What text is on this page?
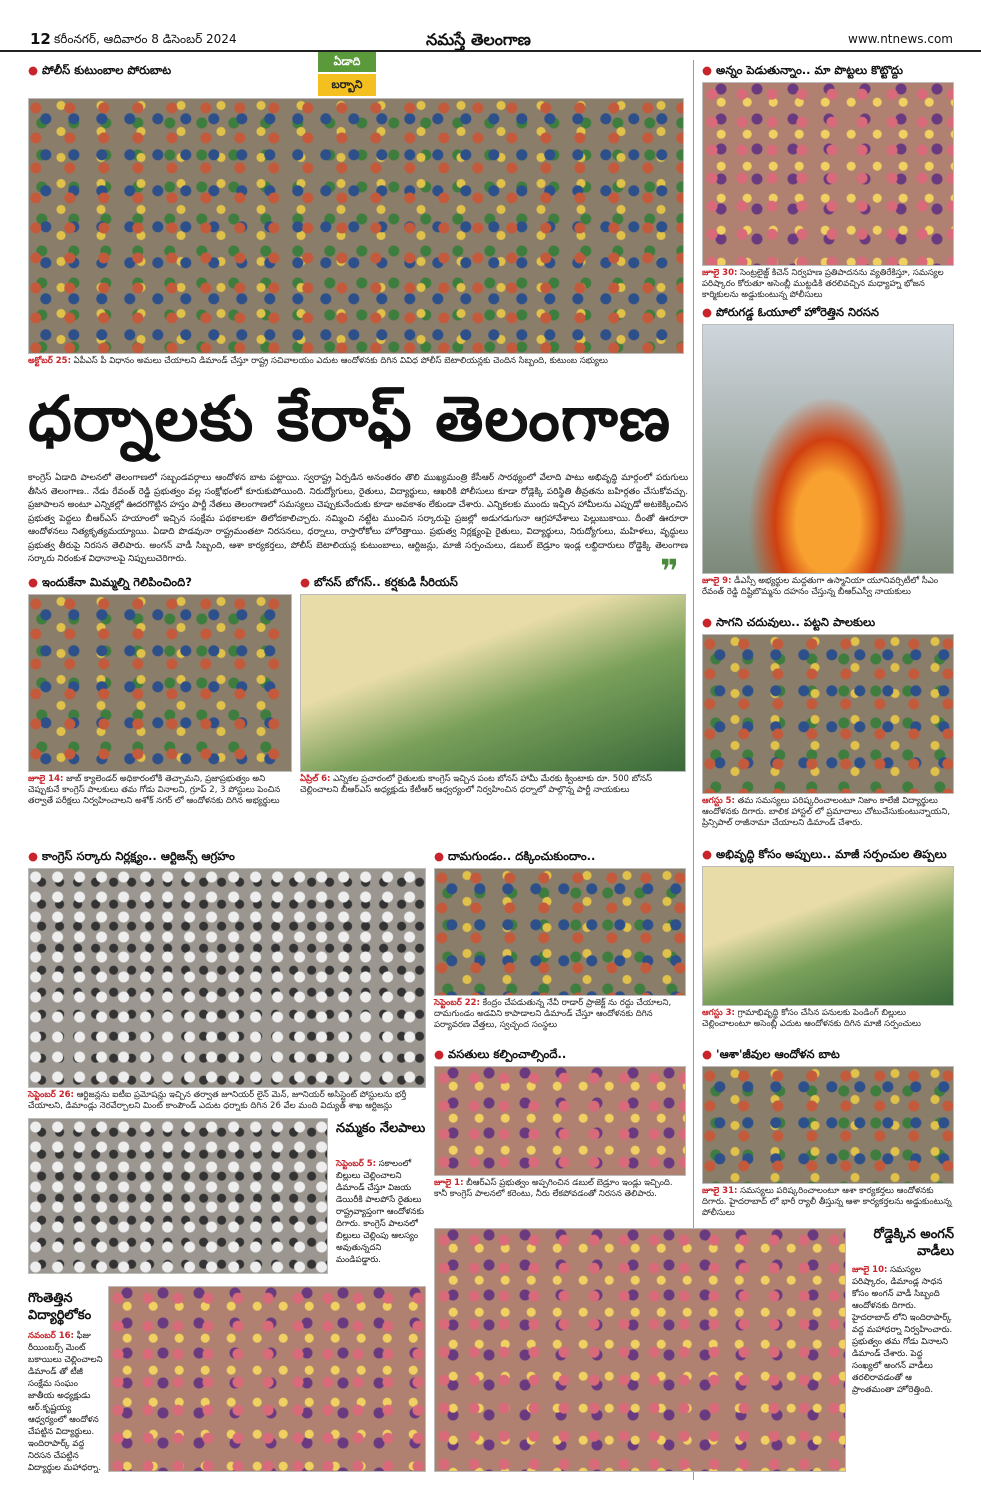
12 కరీంనగర్, ఆదివారం 8 డిసెంబర్ 2024	నమస్తే తెలంగాణ	www.ntnews.com
ఏడాది
బర్బాని
● పోలీస్ కుటుంబాల పోరుబాట
అక్టోబర్ 25: ఏపీఎస్ పీ విధానం అమలు చేయాలని డిమాండ్ చేస్తూ రాష్ట్ర సచివాలయం ఎదుట ఆందోళనకు దిగిన వివిధ పోలీస్ బెటాలియన్లకు చెందిన సిబ్బంది, కుటుంబ సభ్యులు
ధర్నాలకు కేరాఫ్ తెలంగాణ
కాంగ్రెస్ ఏడాది పాలనలో తెలంగాణలో సబ్బండవర్గాలు ఆందోళన బాట పట్టాయి. స్వరాష్ట్ర ఏర్పడిన అనంతరం తొలి ముఖ్యమంత్రి కేసీఆర్ సారథ్యంలో వేలాది పాటు అభివృద్ధి మార్గంలో పరుగులు తీసిన తెలంగాణ.. నేడు రేవంత్ రెడ్డి ప్రభుత్వం వల్ల సంక్షోభంలో కూరుకుపోయింది. నిరుద్యోగులు, రైతులు, విద్యార్థులు, ఆఖరికి పోలీసులు కూడా రోడ్లెక్కి పరిస్థితి తీవ్రతను బహిర్గతం చేసుకోవచ్చు. ప్రజాపాలన అంటూ ఎన్నికల్లో ఊదరగొట్టిన హస్తం పార్టీ నేతలు తెలంగాణలో సమస్యలు చెప్పుకునేందుకు కూడా అవకాశం లేకుండా చేశారు. ఎన్నికలకు ముందు ఇచ్చిన హామీలను ఎప్పుడో అటకెక్కించిన ప్రభుత్వ పెద్దలు బీఆర్ఎస్ హయాంలో ఇచ్చిన సంక్షేమ పథకాలకూ తిలోదకాలిచ్చారు. నమ్మించి నట్టేట ముంచిన సర్కారుపై ప్రజల్లో అడుగడుగునా ఆగ్రహావేశాలు పెల్లుబుకాయి. దీంతో ఊరూరా ఆందోళనలు నిత్యకృత్యమయ్యాయి. ఏడాది పొడవునా రాష్ట్రమంతటా నిరసనలు, ధర్నాలు, రాస్తారోకోలు హోరెత్తాయి. ప్రభుత్వ నిర్లక్ష్యంపై రైతులు, విద్యార్థులు, నిరుద్యోగులు, మహిళలు, వృద్ధులు ప్రభుత్వ తీరుపై నిరసన తెలిపారు. అంగన్ వాడీ సిబ్బంది, ఆశా కార్యకర్తలు, పోలీస్ బెటాలియన్ల కుటుంబాలు, ఆర్టిజన్లు, మాజీ సర్పంచులు, డబుల్ బెడ్రూం ఇండ్ల లబ్దిదారులు రోడ్డెక్కి తెలంగాణ సర్కారు నిరంకుశ విధానాలపై నిప్పులుచెరిగారు.	❞
● ఇందుకేనా మిమ్మల్ని గెలిపించింది?
జూలై 14: జాబ్ క్యాలెండర్ అధికారంలోకి తెచ్చామని, ప్రజాప్రభుత్వం అని చెప్పుకునే కాంగ్రెస్ పాలకులు తమ గోడు వినాలని, గ్రూప్ 2, 3 పోస్టులు పెంచిన తర్వాతే పరీక్షలు నిర్వహించాలని అశోక్ నగర్ లో ఆందోళనకు దిగిన అభ్యర్థులు
● బోనస్ బోగస్.. కర్షకుడి సీరియస్
ఏప్రిల్ 6: ఎన్నికల ప్రచారంలో రైతులకు కాంగ్రెస్ ఇచ్చిన పంట బోనస్ హామీ మేరకు క్వింటాకు రూ. 500 బోనస్ చెల్లించాలని బీఆర్ఎస్ అధ్యక్షుడు కేటీఆర్ ఆధ్వర్యంలో నిర్వహించిన ధర్నాలో పాల్గొన్న పార్టీ నాయకులు
● కాంగ్రెస్ సర్కారు నిర్లక్ష్యం.. ఆర్టిజన్స్ ఆగ్రహం
సెప్టెంబర్ 26: ఆర్టిజన్లను ఐటీఐ ప్రమోషన్లు ఇచ్చిన తర్వాత జూనియర్ లైన్ మెన్, జూనియర్ అసిస్టెంట్ పోస్టులను భర్తీ చేయాలని, డిమాండ్లు నెరవేర్చాలని మింట్ కాంపౌండ్ ఎదుట ధర్నాకు దిగిన 26 వేల మంది విద్యుత్ శాఖ ఆర్టిజన్లు
● దామగుండం.. దక్కించుకుందాం..
సెప్టెంబర్ 22: కేంద్రం చేపడుతున్న నేవీ రాడార్ ప్రాజెక్ట్ ను రద్దు చేయాలని, దామగుండం అడవిని కాపాడాలని డిమాండ్ చేస్తూ ఆందోళనకు దిగిన పర్యావరణ వేత్తలు, స్వచ్ఛంద సంస్థలు
● వసతులు కల్పించాల్సిందే..
జూలై 1: బీఆర్ఎస్ ప్రభుత్వం అప్పగించిన డబుల్ బెడ్రూం ఇండ్లు ఇచ్చింది. కానీ కాంగ్రెస్ పాలనలో కరెంటు, నీరు లేకపోవడంతో నిరసన తెలిపారు.
నమ్మకం నేలపాలు
సెప్టెంబర్ 5: సకాలంలో బిల్లులు చెల్లించాలని డిమాండ్ చేస్తూ విజయ డెయిరీకి పాలపోసే రైతులు రాష్ట్రవ్యాప్తంగా ఆందోళనకు దిగారు. కాంగ్రెస్ పాలనలో బిల్లులు చెల్లింపు ఆలస్యం అవుతున్నదని మండిపడ్డారు.
గొంతెత్తిన విద్యార్థిలోకం
నవంబర్ 16: ఫీజు రీయింబర్స్ మెంట్ బకాయిలు చెల్లించాలని డిమాండ్ తో టీజీ సంక్షేమ సంఘం జాతీయ అధ్యక్షుడు ఆర్.కృష్ణయ్య ఆధ్వర్యంలో ఆందోళన చేపట్టిన విద్యార్థులు. ఇందిరాపార్క్ వద్ద నిరసన చేపట్టిన విద్యార్థుల మహాధర్నా.
రోడ్డెక్కిన అంగన్ వాడీలు
జూలై 10: సమస్యల పరిష్కారం, డిమాండ్ల సాధన కోసం అంగన్ వాడీ సిబ్బంది ఆందోళనకు దిగారు. హైదరాబాద్ లోని ఇందిరాపార్క్ వద్ద మహాధర్నా నిర్వహించారు. ప్రభుత్వం తమ గోడు వినాలని డిమాండ్ చేశారు. పెద్ద సంఖ్యలో అంగన్ వాడీలు తరలిరావడంతో ఆ ప్రాంతమంతా హోరెత్తింది.
● అన్నం పెడుతున్నాం.. మా పొట్టలు కొట్టొద్దు
జూలై 30: సెంట్రలైజ్డ్ కిచెన్ నిర్వహణ ప్రతిపాదనను వ్యతిరేకిస్తూ, సమస్యల పరిష్కారం కోరుతూ అసెంబ్లీ ముట్టడికి తరలివచ్చిన మధ్యాహ్న భోజన కార్మికులను అడ్డుకుంటున్న పోలీసులు
● పోరుగడ్డ ఓయూలో హోరెత్తిన నిరసన
జూలై 9: డీఎస్సీ అభ్యర్థుల మద్దతుగా ఉస్మానియా యూనివర్సిటీలో సీఎం రేవంత్ రెడ్డి దిష్టిబొమ్మను దహనం చేస్తున్న బీఆర్ఎస్వీ నాయకులు
● సాగని చదువులు.. పట్టని పాలకులు
ఆగస్టు 5: తమ సమస్యలు పరిష్కరించాలంటూ నిజాం కాలేజీ విద్యార్థులు ఆందోళనకు దిగారు. బాలిక హాస్టల్ లో ప్రమాదాలు చోటుచేసుకుంటున్నాయని, ప్రిన్సిపాల్ రాజీనామా చేయాలని డిమాండ్ చేశారు.
● అభివృద్ధి కోసం అప్పులు.. మాజీ సర్పంచుల తిప్పలు
ఆగస్టు 3: గ్రామాభివృద్ధి కోసం చేసిన పనులకు పెండింగ్ బిల్లులు చెల్లించాలంటూ అసెంబ్లీ ఎదుట ఆందోళనకు దిగిన మాజీ సర్పంచులు
● 'ఆశా'జీవుల ఆందోళన బాట
జూలై 31: సమస్యలు పరిష్కరించాలంటూ ఆశా కార్యకర్తలు ఆందోళనకు దిగారు. హైదరాబాద్ లో భారీ ర్యాలీ తీస్తున్న ఆశా కార్యకర్తలను అడ్డుకుంటున్న పోలీసులు
